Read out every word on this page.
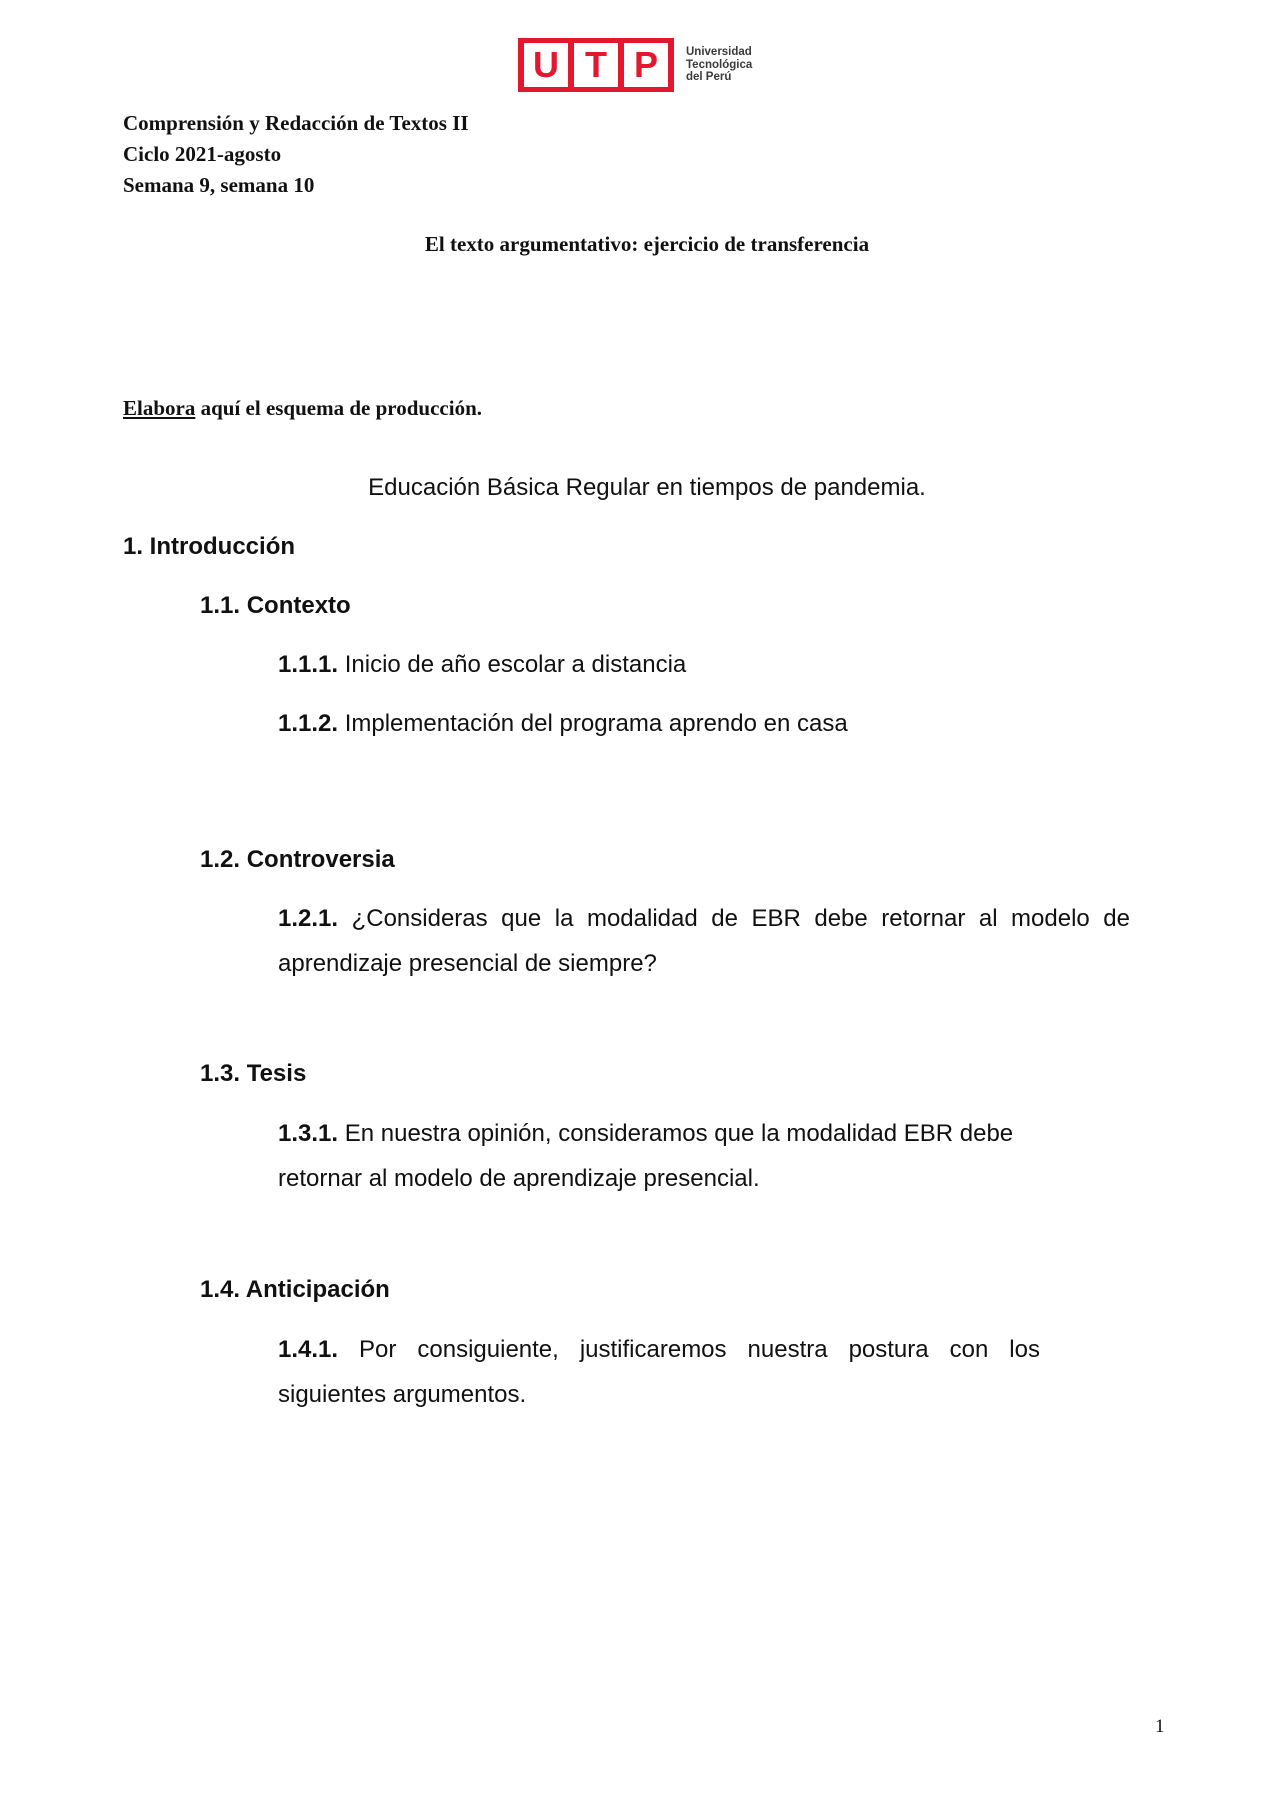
U T P	Universidad
Tecnológica
del Perú
Comprensión y Redacción de Textos II
Ciclo 2021-agosto
Semana 9, semana 10
El texto argumentativo: ejercicio de transferencia
Elabora aquí el esquema de producción.
Educación Básica Regular en tiempos de pandemia.
1. Introducción
1.1. Contexto
1.1.1. Inicio de año escolar a distancia
1.1.2. Implementación del programa aprendo en casa
1.2. Controversia
1.2.1. ¿Consideras que la modalidad de EBR debe retornar al modelo de aprendizaje presencial de siempre?
1.3. Tesis
1.3.1. En nuestra opinión, consideramos que la modalidad EBR debe retornar al modelo de aprendizaje presencial.
1.4. Anticipación
1.4.1. Por consiguiente, justificaremos nuestra postura con los siguientes argumentos.
1
